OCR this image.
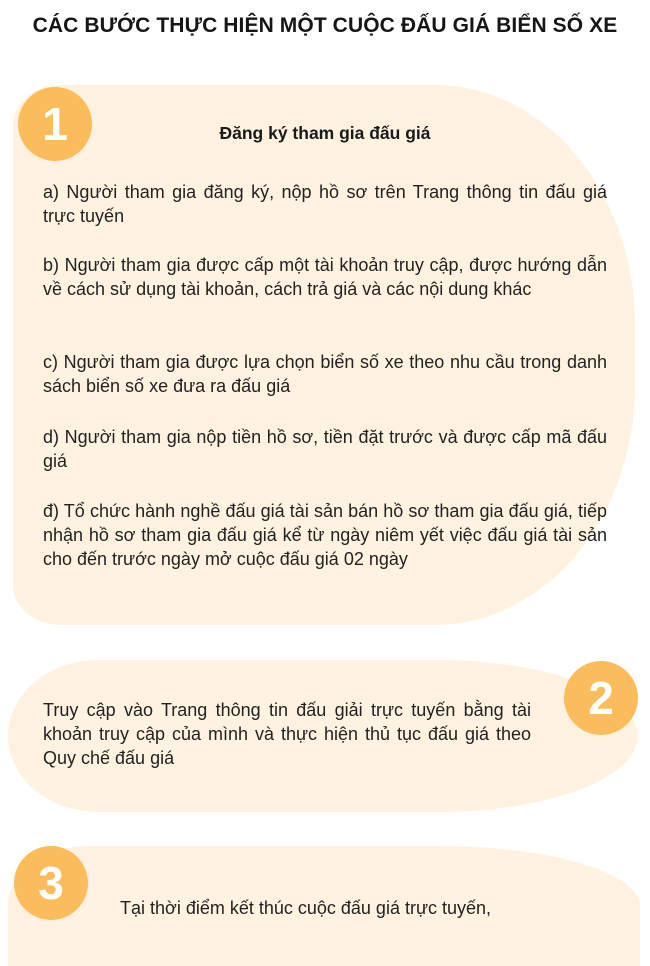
CÁC BƯỚC THỰC HIỆN MỘT CUỘC ĐẤU GIÁ BIỂN SỐ XE
1	Đăng ký tham gia đấu giá
a) Người tham gia đăng ký, nộp hồ sơ trên Trang thông tin đấu giá trực tuyến
b) Người tham gia được cấp một tài khoản truy cập, được hướng dẫn về cách sử dụng tài khoản, cách trả giá và các nội dung khác
c) Người tham gia được lựa chọn biển số xe theo nhu cầu trong danh sách biển số xe đưa ra đấu giá
d) Người tham gia nộp tiền hồ sơ, tiền đặt trước và được cấp mã đấu giá
đ) Tổ chức hành nghề đấu giá tài sản bán hồ sơ tham gia đấu giá, tiếp nhận hồ sơ tham gia đấu giá kể từ ngày niêm yết việc đấu giá tài sản cho đến trước ngày mở cuộc đấu giá 02 ngày
2
Truy cập vào Trang thông tin đấu giải trực tuyến bằng tài khoản truy cập của mình và thực hiện thủ tục đấu giá theo Quy chế đấu giá
3	Tại thời điểm kết thúc cuộc đấu giá trực tuyến,
